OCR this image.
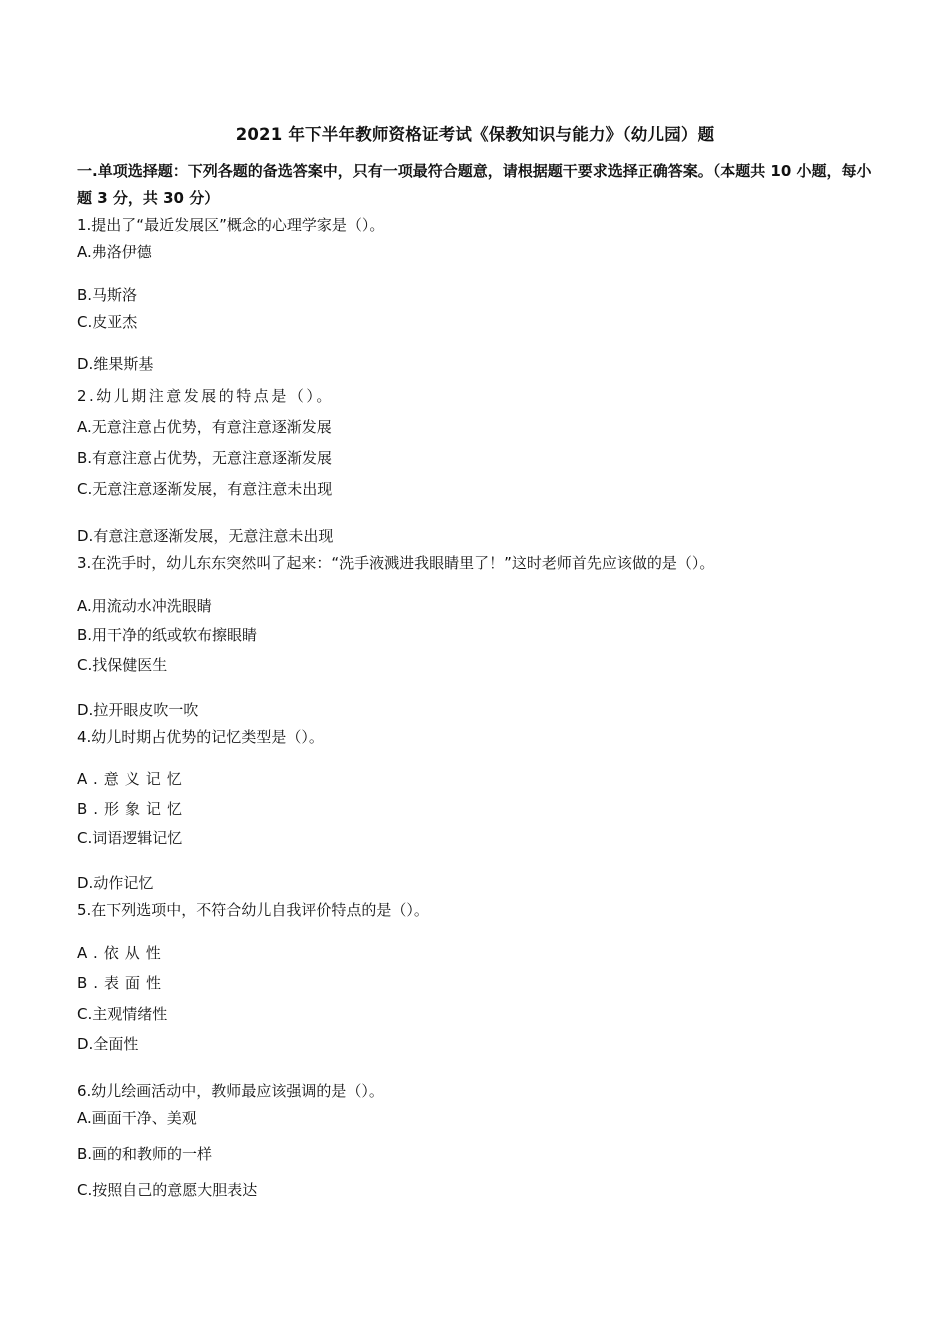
2021 年下半年教师资格证考试《保教知识与能力》（幼儿园）题
一.单项选择题：下列各题的备选答案中，只有一项最符合题意，请根据题干要求选择正确答案。（本题共 10 小题，每小题 3 分，共 30 分）
1.提出了“最近发展区”概念的心理学家是（）。
A.弗洛伊德
B.马斯洛
C.皮亚杰
D.维果斯基
2.幼儿期注意发展的特点是（）。
A.无意注意占优势，有意注意逐渐发展
B.有意注意占优势，无意注意逐渐发展
C.无意注意逐渐发展，有意注意未出现
D.有意注意逐渐发展，无意注意未出现
3.在洗手时，幼儿东东突然叫了起来：“洗手液溅进我眼睛里了！”这时老师首先应该做的是（）。
A.用流动水冲洗眼睛
B.用干净的纸或软布擦眼睛
C.找保健医生
D.拉开眼皮吹一吹
4.幼儿时期占优势的记忆类型是（）。
A.意义记忆
B.形象记忆
C.词语逻辑记忆
D.动作记忆
5.在下列选项中，不符合幼儿自我评价特点的是（）。
A.依从性
B.表面性
C.主观情绪性
D.全面性
6.幼儿绘画活动中，教师最应该强调的是（）。
A.画面干净、美观
B.画的和教师的一样
C.按照自己的意愿大胆表达
